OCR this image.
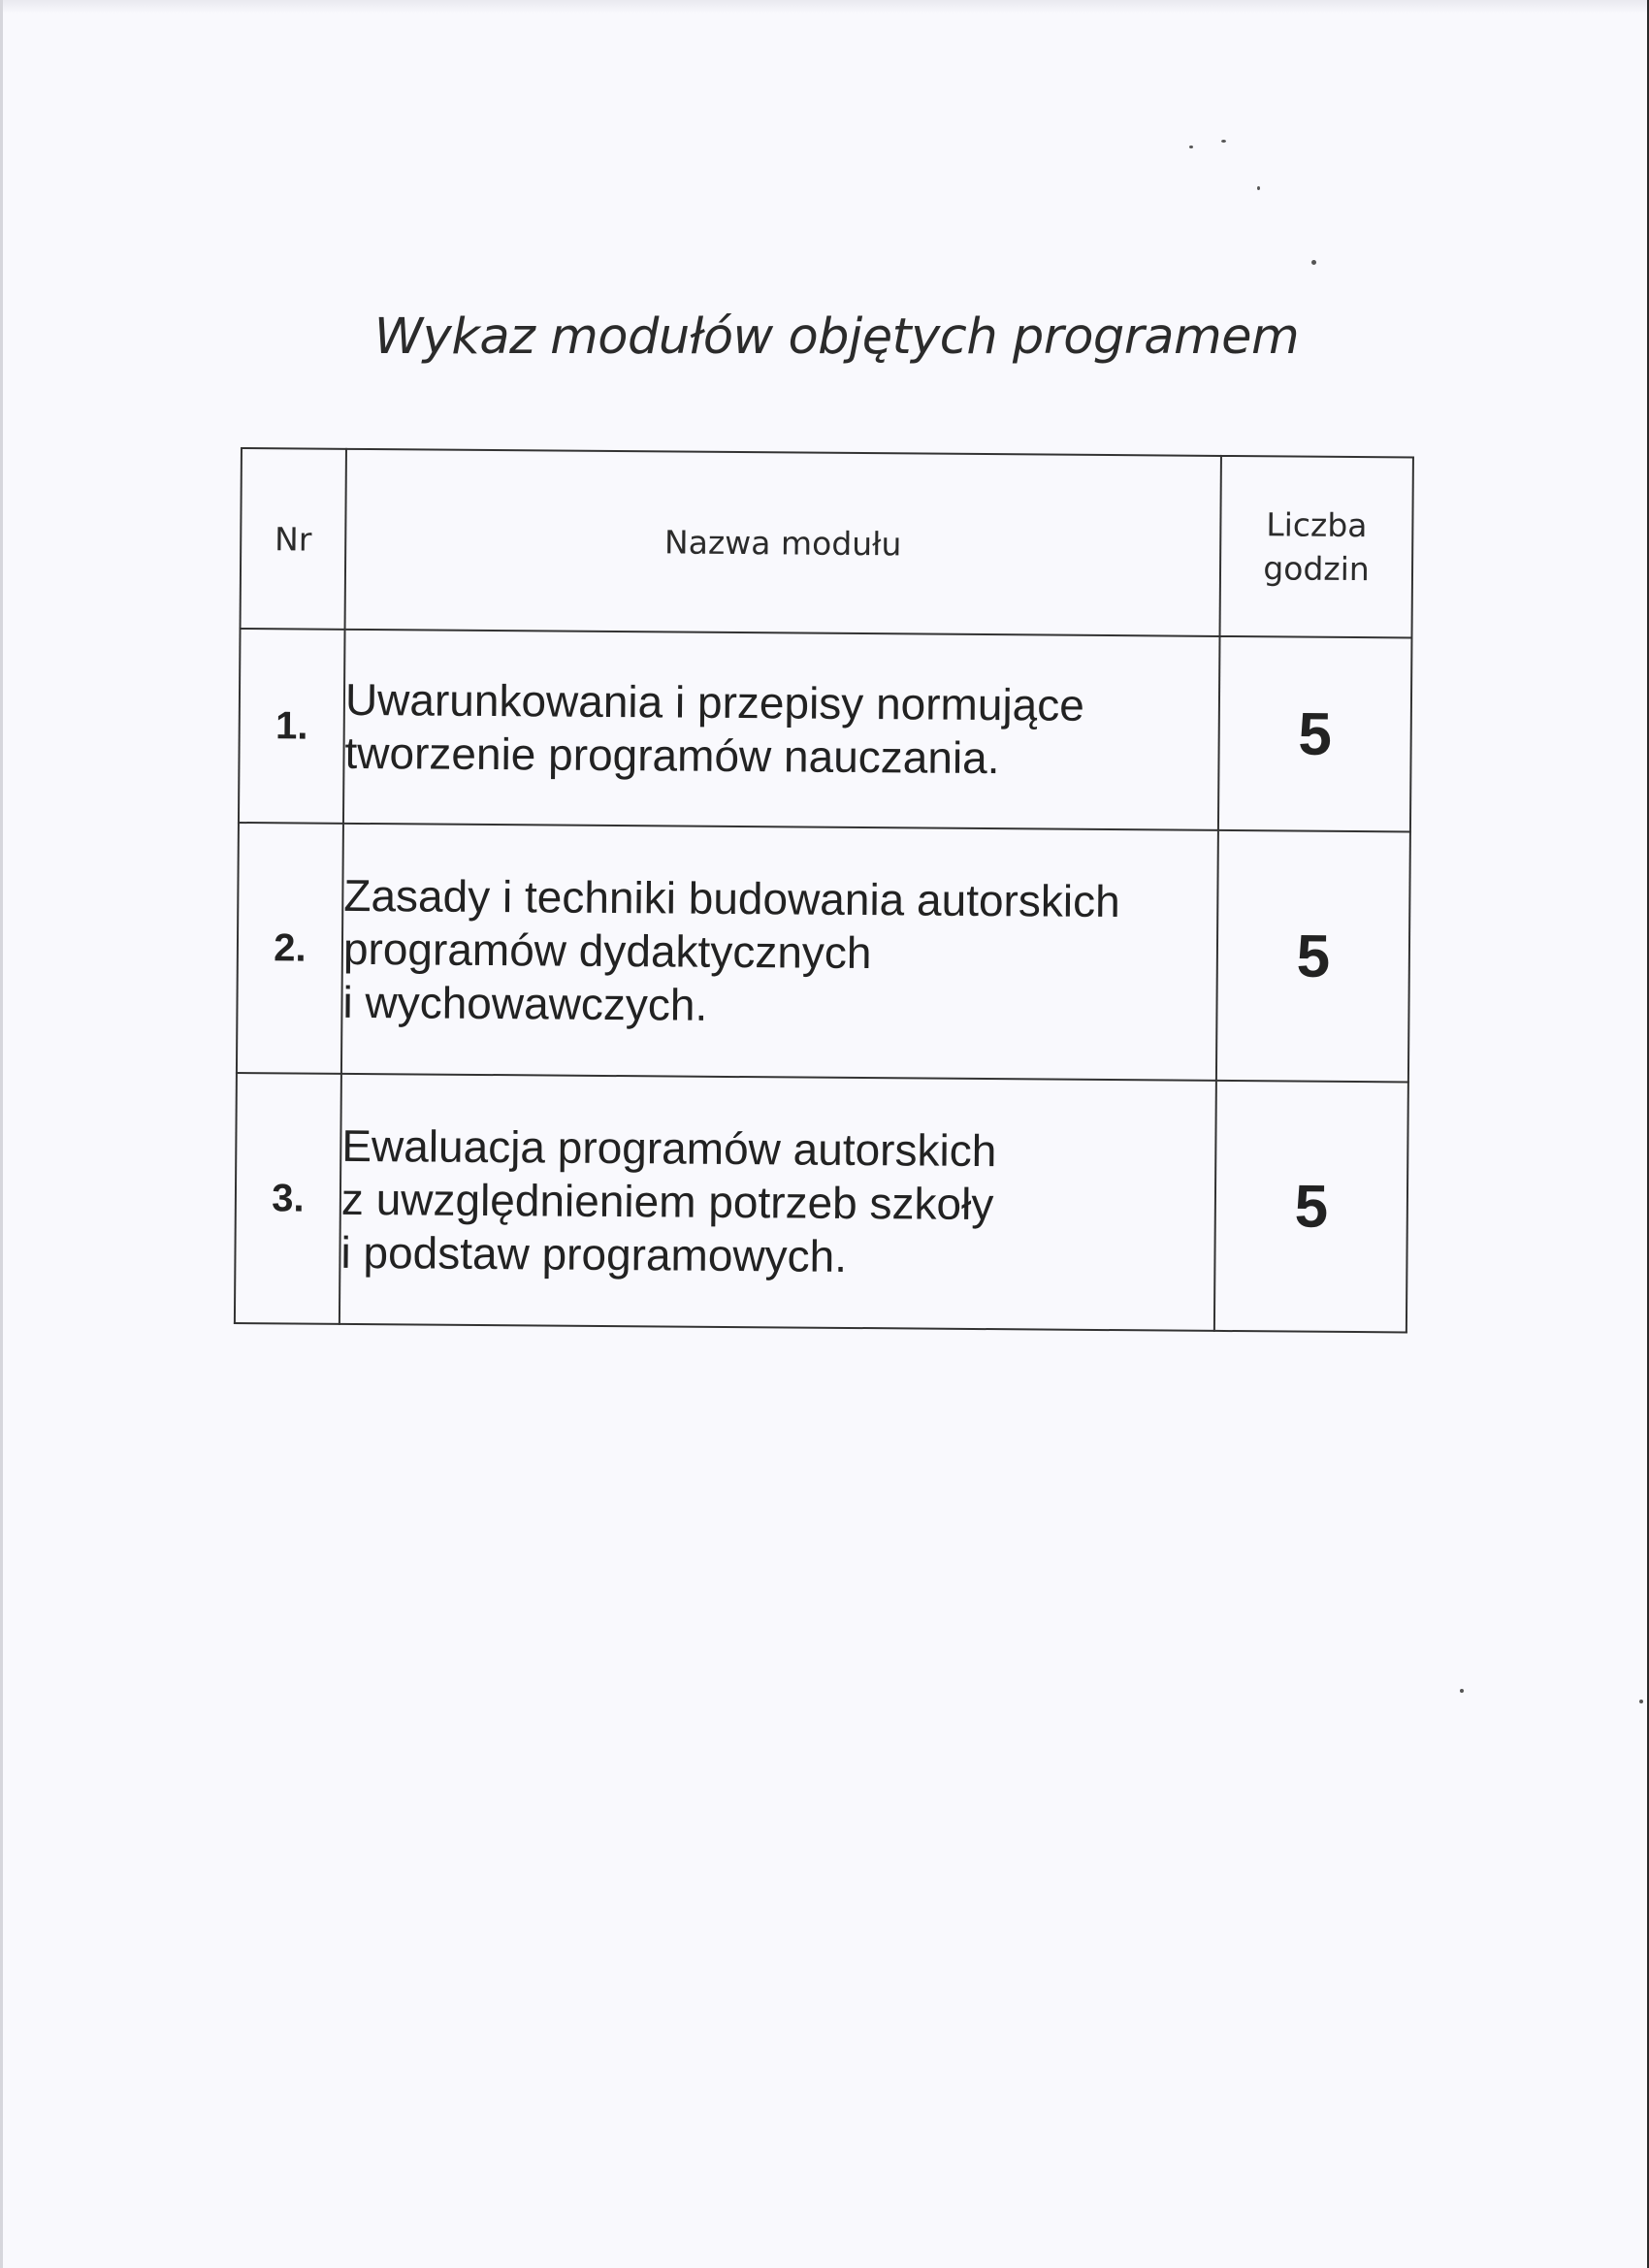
Wykaz modułów objętych programem
Nr	Nazwa modułu	Liczba
godzin

1.	Uwarunkowania i przepisy normujące
tworzenie programów nauczania.	5
2.	Zasady i techniki budowania autorskich
programów dydaktycznych
i wychowawczych.	5
3.	Ewaluacja programów autorskich
z uwzględnieniem potrzeb szkoły
i podstaw programowych.	5
